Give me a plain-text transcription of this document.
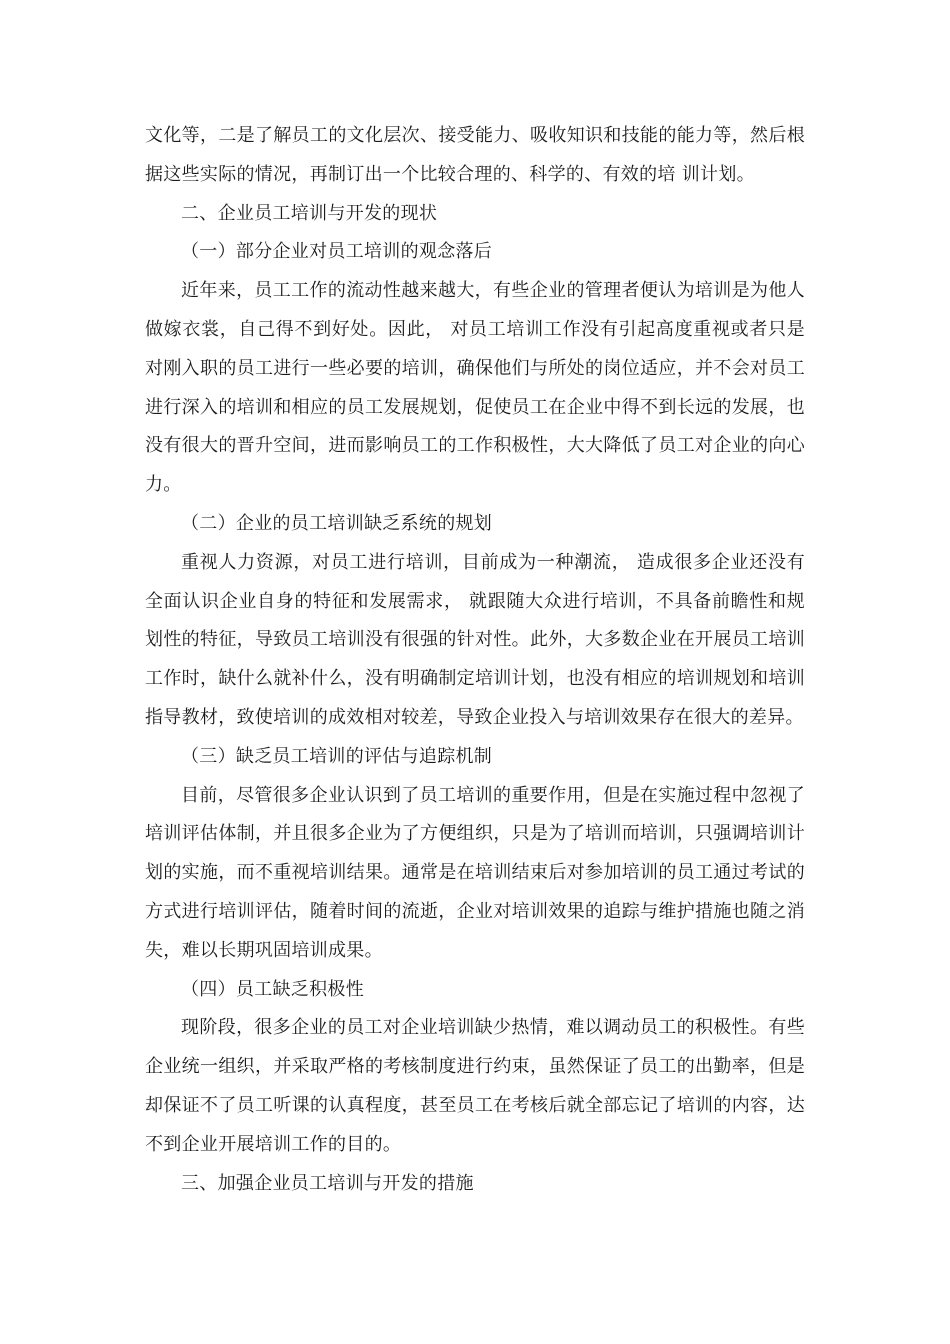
文化等，二是了解员工的文化层次、接受能力、吸收知识和技能的能力等，然后根据这些实际的情况，再制订出一个比较合理的、科学的、有效的培 训计划。

二、企业员工培训与开发的现状

（一）部分企业对员工培训的观念落后

近年来，员工工作的流动性越来越大，有些企业的管理者便认为培训是为他人做嫁衣裳，自己得不到好处。因此， 对员工培训工作没有引起高度重视或者只是对刚入职的员工进行一些必要的培训，确保他们与所处的岗位适应，并不会对员工进行深入的培训和相应的员工发展规划，促使员工在企业中得不到长远的发展，也没有很大的晋升空间，进而影响员工的工作积极性，大大降低了员工对企业的向心力。

（二）企业的员工培训缺乏系统的规划

重视人力资源，对员工进行培训，目前成为一种潮流， 造成很多企业还没有全面认识企业自身的特征和发展需求， 就跟随大众进行培训，不具备前瞻性和规划性的特征，导致员工培训没有很强的针对性。此外，大多数企业在开展员工培训工作时，缺什么就补什么，没有明确制定培训计划，也没有相应的培训规划和培训指导教材，致使培训的成效相对较差，导致企业投入与培训效果存在很大的差异。

（三）缺乏员工培训的评估与追踪机制

目前，尽管很多企业认识到了员工培训的重要作用，但是在实施过程中忽视了培训评估体制，并且很多企业为了方便组织，只是为了培训而培训，只强调培训计划的实施，而不重视培训结果。通常是在培训结束后对参加培训的员工通过考试的方式进行培训评估，随着时间的流逝，企业对培训效果的追踪与维护措施也随之消失，难以长期巩固培训成果。

（四）员工缺乏积极性

现阶段，很多企业的员工对企业培训缺少热情，难以调动员工的积极性。有些企业统一组织，并采取严格的考核制度进行约束，虽然保证了员工的出勤率，但是却保证不了员工听课的认真程度，甚至员工在考核后就全部忘记了培训的内容，达不到企业开展培训工作的目的。

三、加强企业员工培训与开发的措施
